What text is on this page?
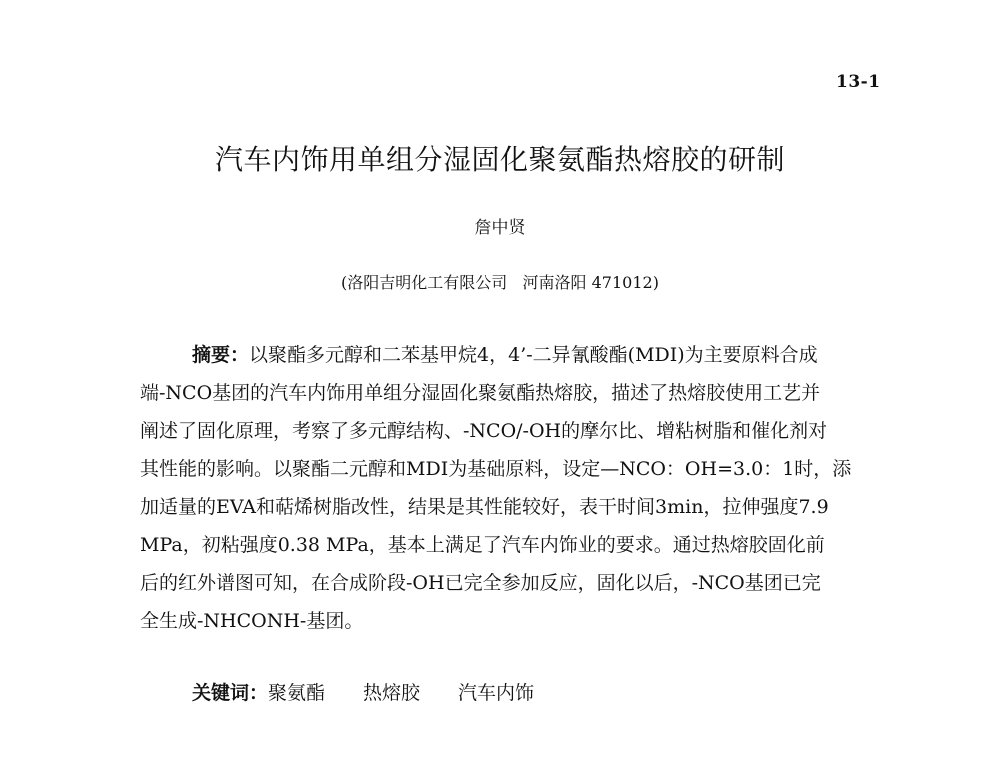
13-1
汽车内饰用单组分湿固化聚氨酯热熔胶的研制
詹中贤
(洛阳吉明化工有限公司   河南洛阳 471012)
摘要：以聚酯多元醇和二苯基甲烷4，4’-二异氰酸酯(MDI)为主要原料合成
端-NCO基团的汽车内饰用单组分湿固化聚氨酯热熔胶，描述了热熔胶使用工艺并
阐述了固化原理，考察了多元醇结构、-NCO/-OH的摩尔比、增粘树脂和催化剂对
其性能的影响。以聚酯二元醇和MDI为基础原料，设定—NCO：OH=3.0：1时，添
加适量的EVA和萜烯树脂改性，结果是其性能较好，表干时间3min，拉伸强度7.9
MPa，初粘强度0.38 MPa，基本上满足了汽车内饰业的要求。通过热熔胶固化前
后的红外谱图可知，在合成阶段-OH已完全参加反应，固化以后，-NCO基团已完
全生成-NHCONH-基团。
关键词：聚氨酯 热熔胶 汽车内饰
